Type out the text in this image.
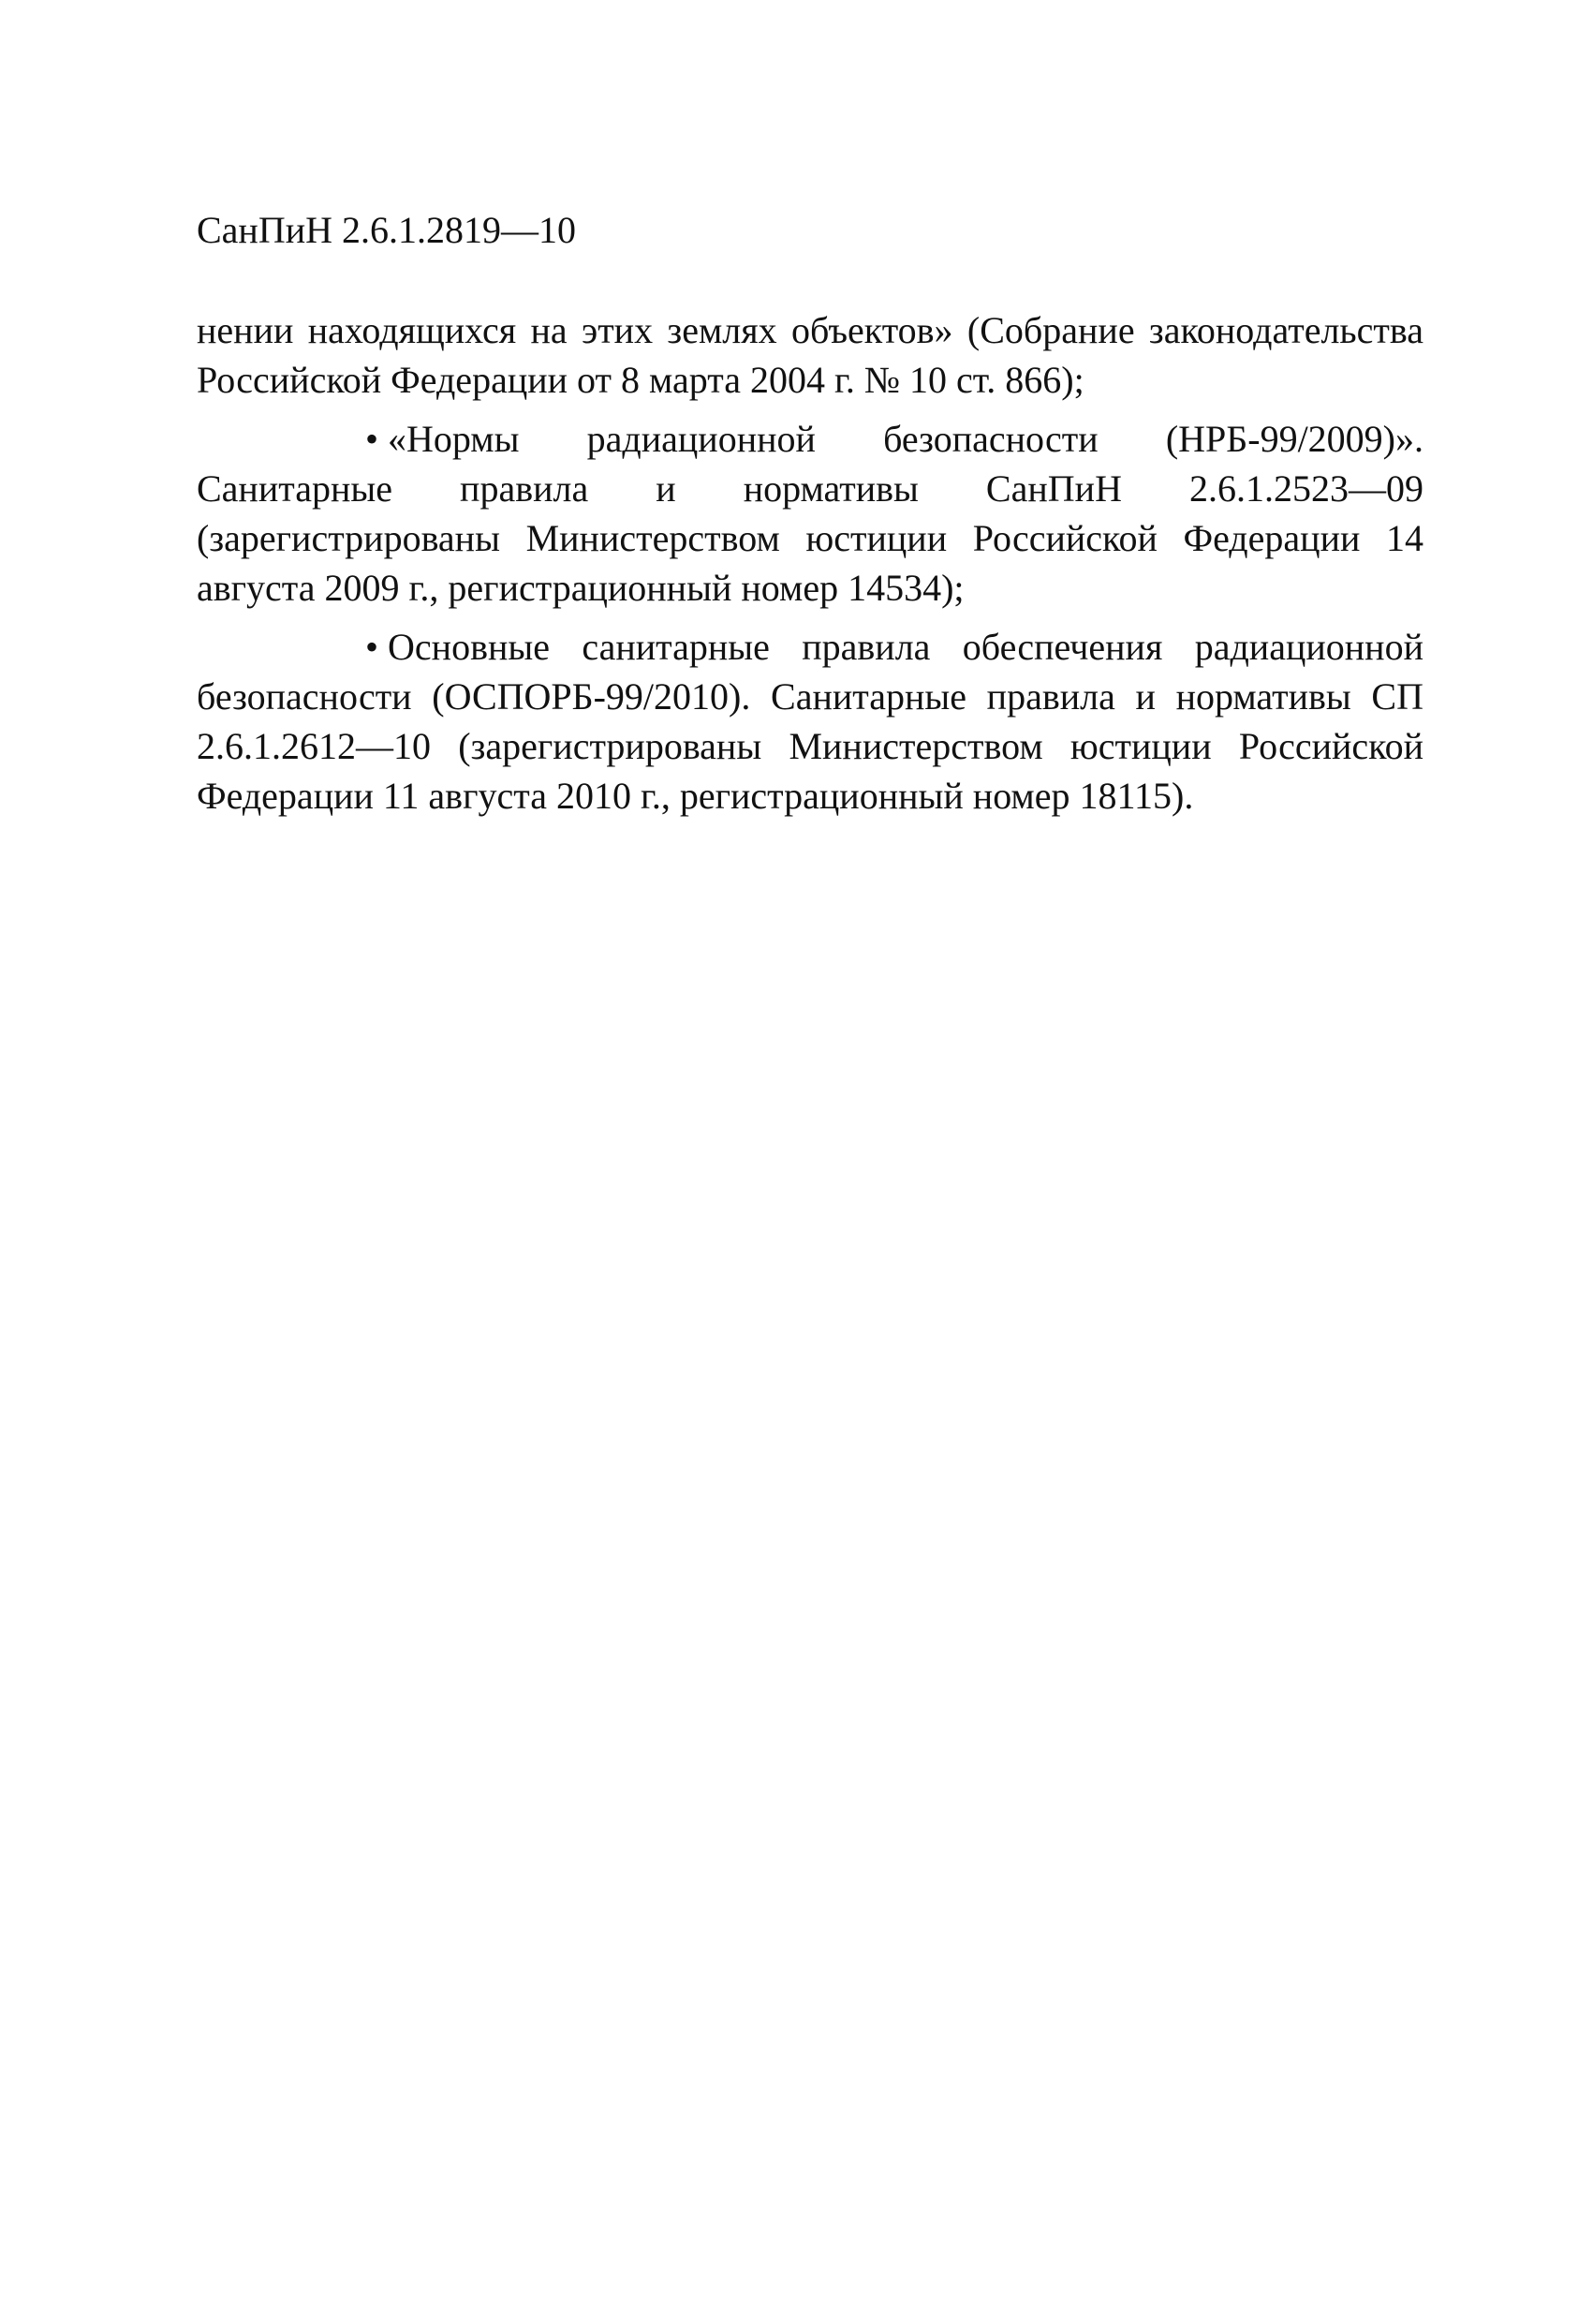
СанПиН 2.6.1.2819—10

нении находящихся на этих землях объектов» (Собрание законодательства Российской Федерации от 8 марта 2004 г. № 10 ст. 866);

• «Нормы радиационной безопасности (НРБ-99/2009)». Санитарные правила и нормативы СанПиН 2.6.1.2523—09 (зарегистрированы Министерством юстиции Российской Федерации 14 августа 2009 г., регистрационный номер 14534);

• Основные санитарные правила обеспечения радиационной безопасности (ОСПОРБ-99/2010). Санитарные правила и нормативы СП 2.6.1.2612—10 (зарегистрированы Министерством юстиции Российской Федерации 11 августа 2010 г., регистрационный номер 18115).
